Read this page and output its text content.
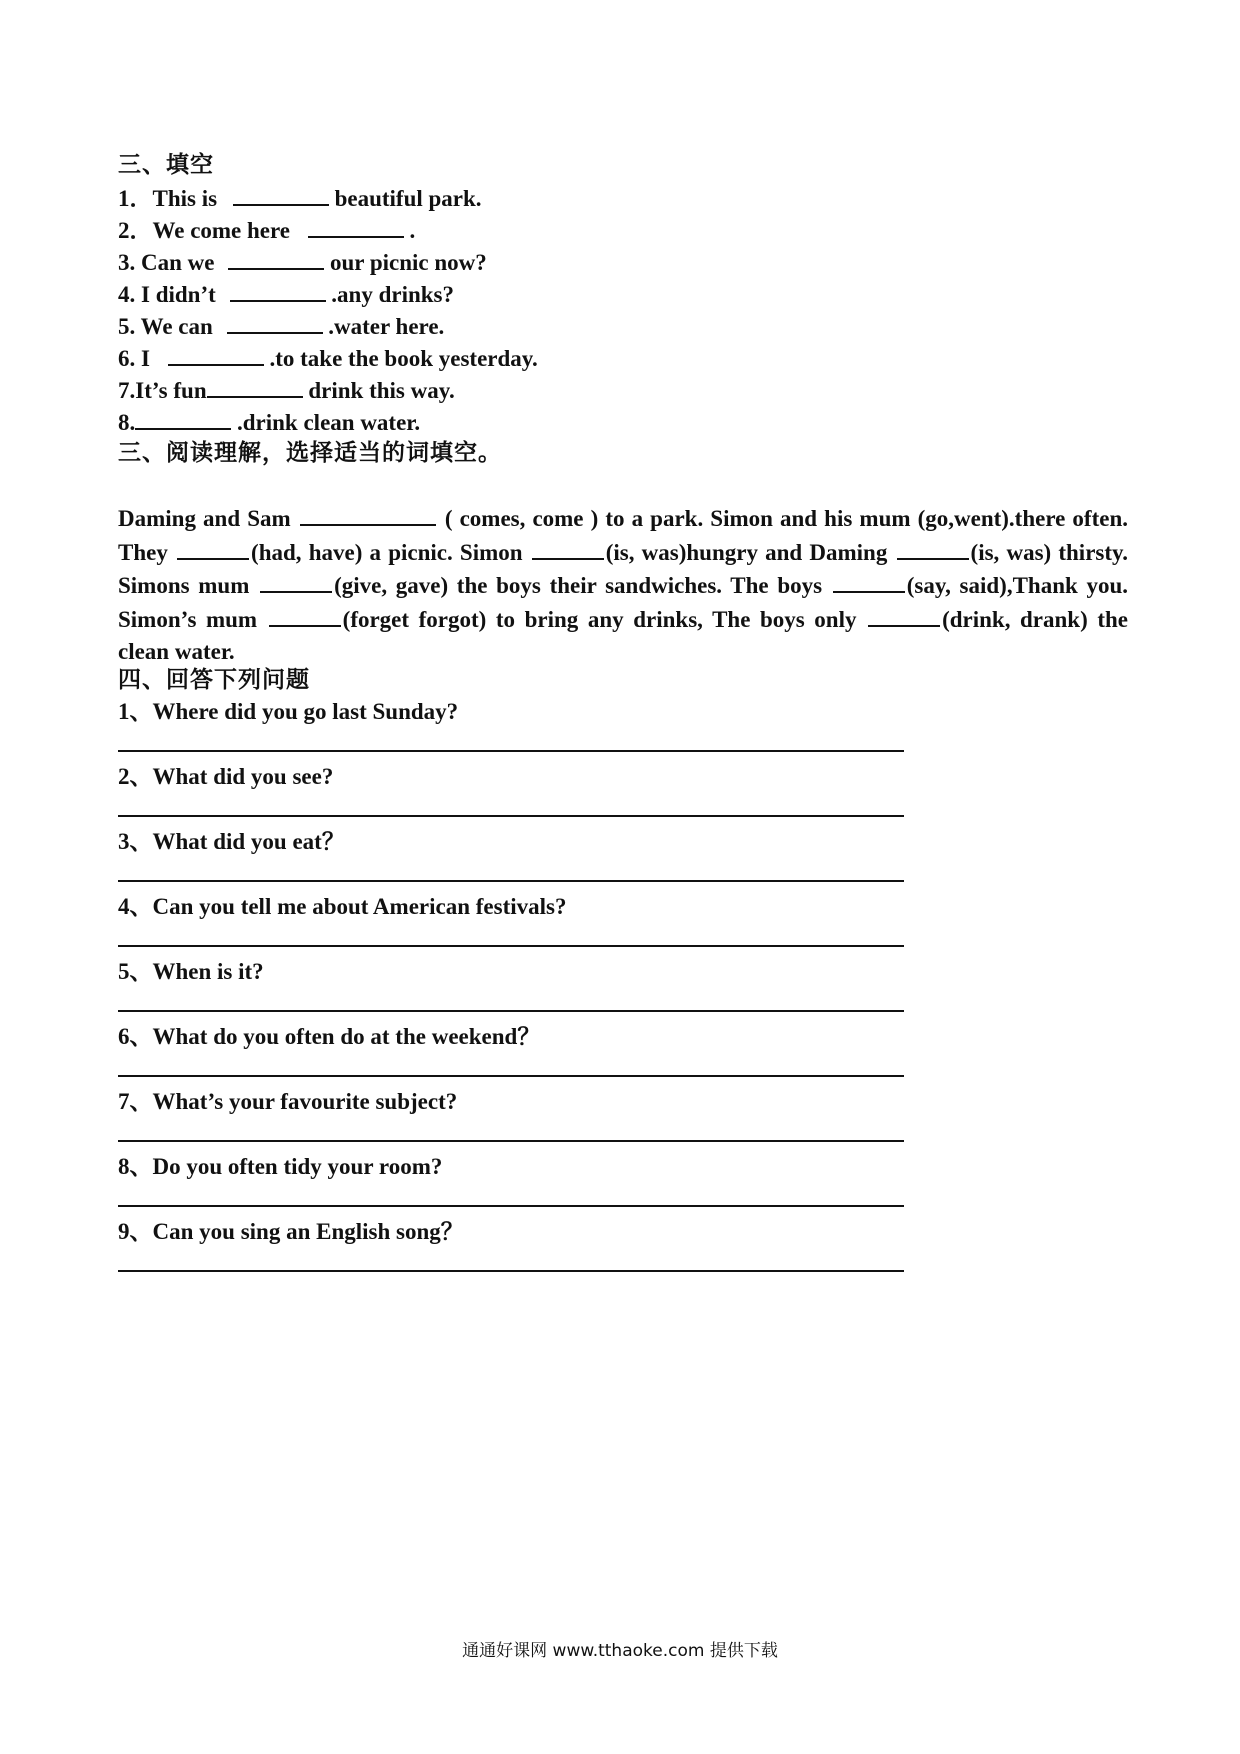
三、填空
1．This is	beautiful park.
2．We come here	.
3. Can we	our picnic now?
4. I didn’t	.any drinks?
5. We can	.water here.
6. I	.to take the book yesterday.
7.It’s fun	drink this way.
8.	.drink clean water.
三、阅读理解，选择适当的词填空。
Daming and Sam	( comes, come ) to a park. Simon and his mum (go,went).there often. They	(had, have) a picnic. Simon	(is, was)hungry and Daming	(is, was) thirsty. Simons mum	(give, gave) the boys their sandwiches. The boys	(say, said),Thank you. Simon’s mum	(forget forgot) to bring any drinks, The boys only	(drink, drank) the clean water.
四、回答下列问题
1、Where did you go last Sunday?
2、What did you see?
3、What did you eat？
4、Can you tell me about American festivals?
5、When is it?
6、What do you often do at the weekend？
7、What’s your favourite subject?
8、Do you often tidy your room?
9、Can you sing an English song？
通通好课网 www.tthaoke.com 提供下载
